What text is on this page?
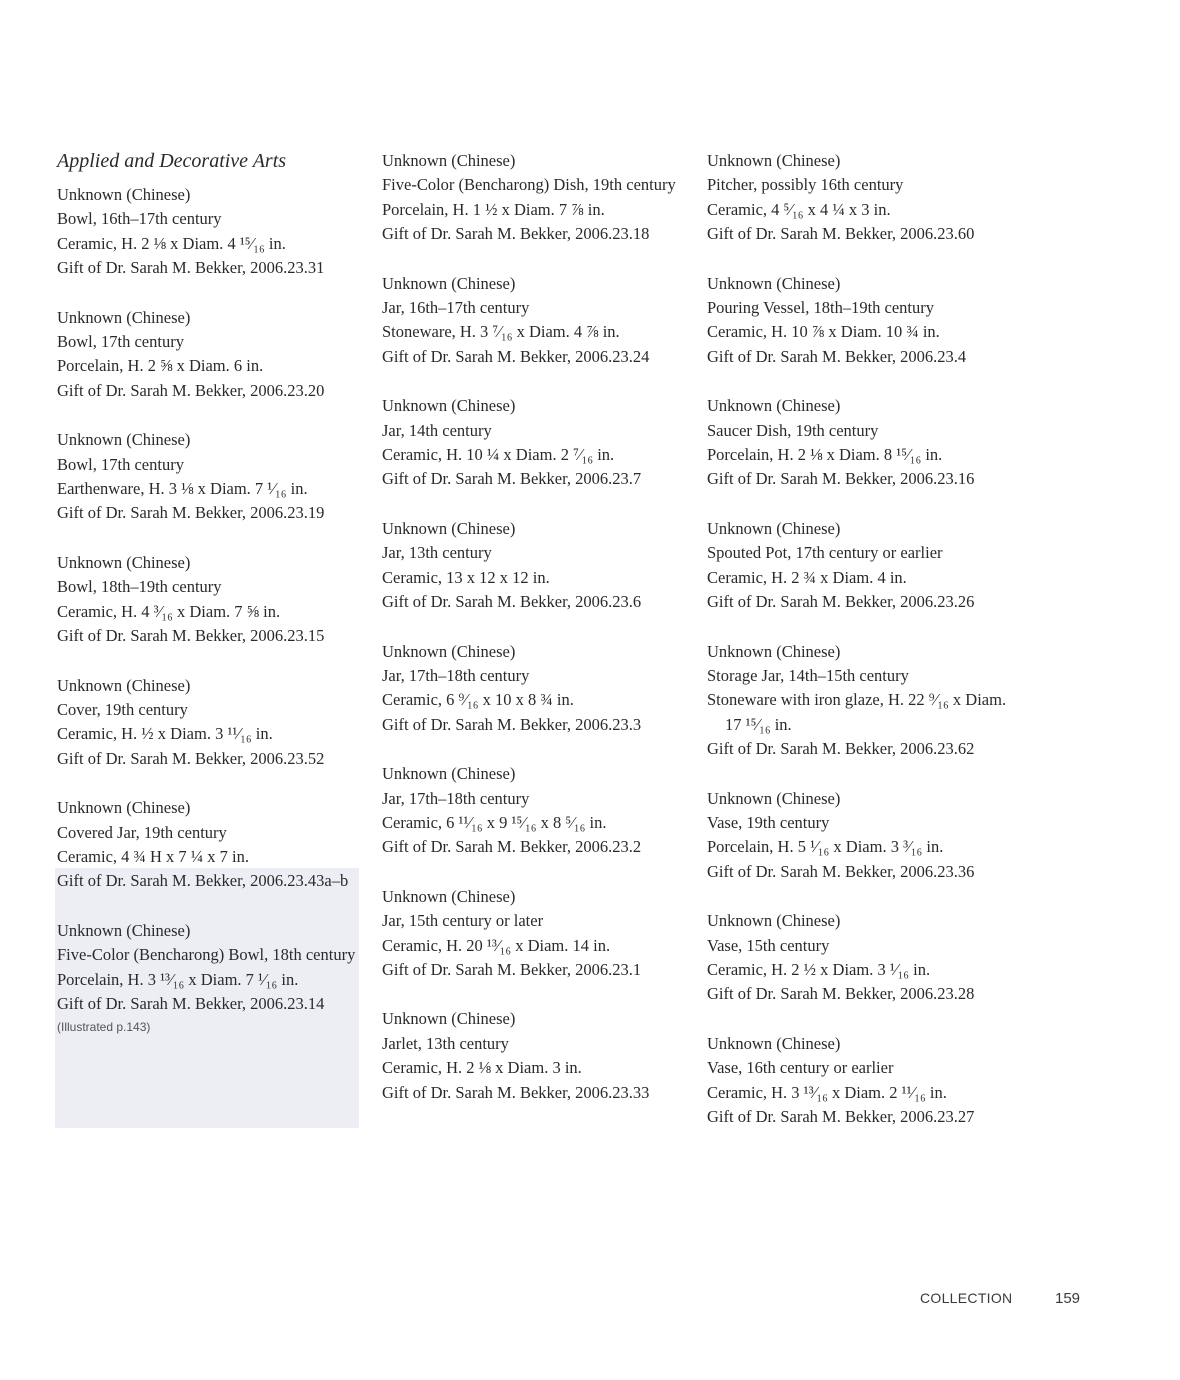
Applied and Decorative Arts
Unknown (Chinese)
Bowl, 16th–17th century
Ceramic, H. 2 ⅛ x Diam. 4 ¹⁵⁄₁₆ in.
Gift of Dr. Sarah M. Bekker, 2006.23.31
Unknown (Chinese)
Bowl, 17th century
Porcelain, H. 2 ⅝ x Diam. 6 in.
Gift of Dr. Sarah M. Bekker, 2006.23.20
Unknown (Chinese)
Bowl, 17th century
Earthenware, H. 3 ⅛ x Diam. 7 ¹⁄₁₆ in.
Gift of Dr. Sarah M. Bekker, 2006.23.19
Unknown (Chinese)
Bowl, 18th–19th century
Ceramic, H. 4 ³⁄₁₆ x Diam. 7 ⅝ in.
Gift of Dr. Sarah M. Bekker, 2006.23.15
Unknown (Chinese)
Cover, 19th century
Ceramic, H. ½ x Diam. 3 ¹¹⁄₁₆ in.
Gift of Dr. Sarah M. Bekker, 2006.23.52
Unknown (Chinese)
Covered Jar, 19th century
Ceramic, 4 ¾ H x 7 ¼ x 7 in.
Gift of Dr. Sarah M. Bekker, 2006.23.43a–b
Unknown (Chinese)
Five-Color (Bencharong) Bowl, 18th century
Porcelain, H. 3 ¹³⁄₁₆ x Diam. 7 ¹⁄₁₆ in.
Gift of Dr. Sarah M. Bekker, 2006.23.14
(Illustrated p.143)
Unknown (Chinese)
Five-Color (Bencharong) Dish, 19th century
Porcelain, H. 1 ½ x Diam. 7 ⅞ in.
Gift of Dr. Sarah M. Bekker, 2006.23.18
Unknown (Chinese)
Jar, 16th–17th century
Stoneware, H. 3 ⁷⁄₁₆ x Diam. 4 ⅞ in.
Gift of Dr. Sarah M. Bekker, 2006.23.24
Unknown (Chinese)
Jar, 14th century
Ceramic, H. 10 ¼ x Diam. 2 ⁷⁄₁₆ in.
Gift of Dr. Sarah M. Bekker, 2006.23.7
Unknown (Chinese)
Jar, 13th century
Ceramic, 13 x 12 x 12 in.
Gift of Dr. Sarah M. Bekker, 2006.23.6
Unknown (Chinese)
Jar, 17th–18th century
Ceramic, 6 ⁹⁄₁₆ x 10 x 8 ¾ in.
Gift of Dr. Sarah M. Bekker, 2006.23.3
Unknown (Chinese)
Jar, 17th–18th century
Ceramic, 6 ¹¹⁄₁₆ x 9 ¹⁵⁄₁₆ x 8 ⁵⁄₁₆ in.
Gift of Dr. Sarah M. Bekker, 2006.23.2
Unknown (Chinese)
Jar, 15th century or later
Ceramic, H. 20 ¹³⁄₁₆ x Diam. 14 in.
Gift of Dr. Sarah M. Bekker, 2006.23.1
Unknown (Chinese)
Jarlet, 13th century
Ceramic, H. 2 ⅛ x Diam. 3 in.
Gift of Dr. Sarah M. Bekker, 2006.23.33
Unknown (Chinese)
Pitcher, possibly 16th century
Ceramic, 4 ⁵⁄₁₆ x 4 ¼ x 3 in.
Gift of Dr. Sarah M. Bekker, 2006.23.60
Unknown (Chinese)
Pouring Vessel, 18th–19th century
Ceramic, H. 10 ⅞ x Diam. 10 ¾ in.
Gift of Dr. Sarah M. Bekker, 2006.23.4
Unknown (Chinese)
Saucer Dish, 19th century
Porcelain, H. 2 ⅛ x Diam. 8 ¹⁵⁄₁₆ in.
Gift of Dr. Sarah M. Bekker, 2006.23.16
Unknown (Chinese)
Spouted Pot, 17th century or earlier
Ceramic, H. 2 ¾ x Diam. 4 in.
Gift of Dr. Sarah M. Bekker, 2006.23.26
Unknown (Chinese)
Storage Jar, 14th–15th century
Stoneware with iron glaze, H. 22 ⁹⁄₁₆ x Diam. 17 ¹⁵⁄₁₆ in.
Gift of Dr. Sarah M. Bekker, 2006.23.62
Unknown (Chinese)
Vase, 19th century
Porcelain, H. 5 ¹⁄₁₆ x Diam. 3 ³⁄₁₆ in.
Gift of Dr. Sarah M. Bekker, 2006.23.36
Unknown (Chinese)
Vase, 15th century
Ceramic, H. 2 ½ x Diam. 3 ¹⁄₁₆ in.
Gift of Dr. Sarah M. Bekker, 2006.23.28
Unknown (Chinese)
Vase, 16th century or earlier
Ceramic, H. 3 ¹³⁄₁₆ x Diam. 2 ¹¹⁄₁₆ in.
Gift of Dr. Sarah M. Bekker, 2006.23.27
COLLECTION	159
